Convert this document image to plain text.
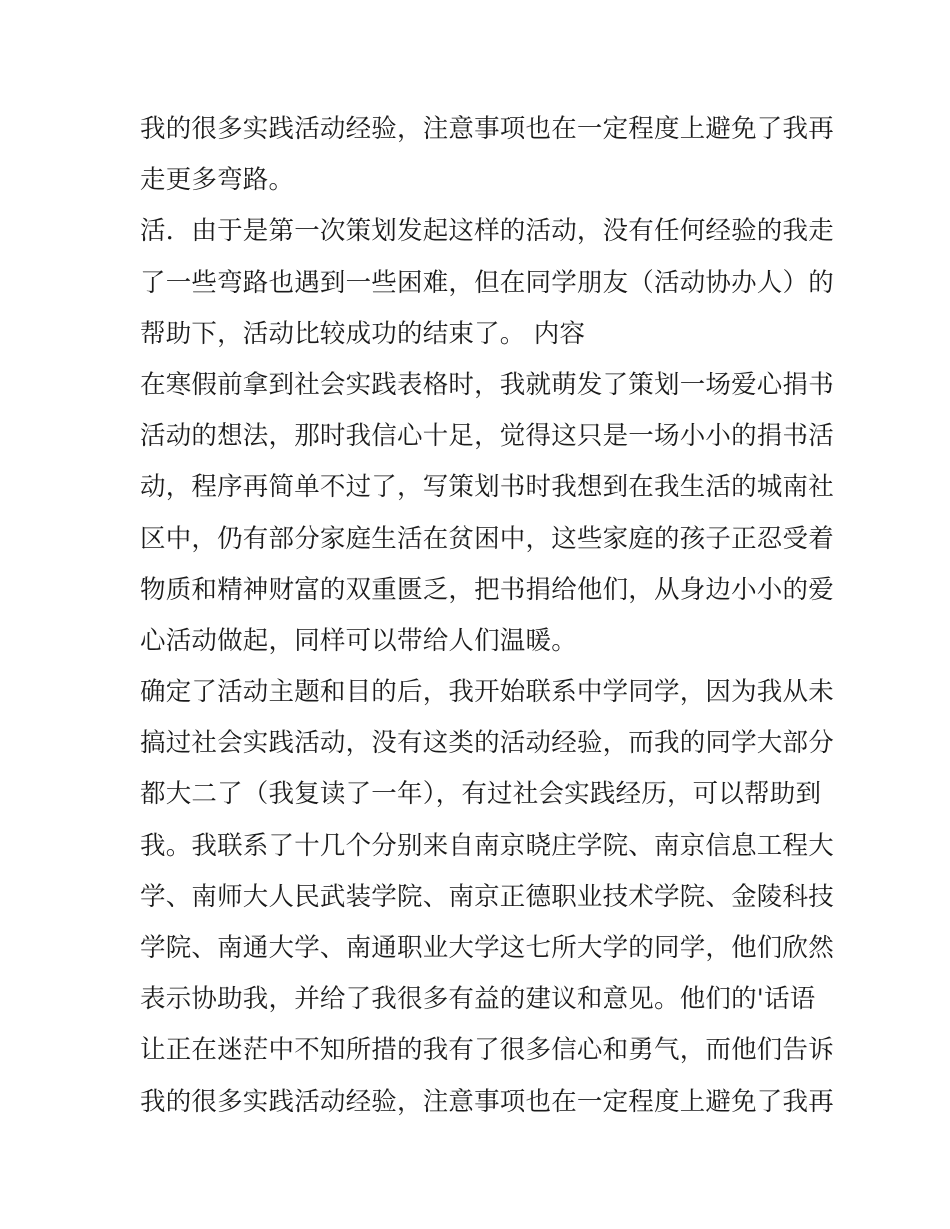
我的很多实践活动经验，注意事项也在一定程度上避免了我再
走更多弯路。
活．由于是第一次策划发起这样的活动，没有任何经验的我走
了一些弯路也遇到一些困难，但在同学朋友（活动协办人）的
帮助下，活动比较成功的结束了。 内容
在寒假前拿到社会实践表格时，我就萌发了策划一场爱心捐书
活动的想法，那时我信心十足，觉得这只是一场小小的捐书活
动，程序再简单不过了，写策划书时我想到在我生活的城南社
区中，仍有部分家庭生活在贫困中，这些家庭的孩子正忍受着
物质和精神财富的双重匮乏，把书捐给他们，从身边小小的爱
心活动做起，同样可以带给人们温暖。
确定了活动主题和目的后，我开始联系中学同学，因为我从未
搞过社会实践活动，没有这类的活动经验，而我的同学大部分
都大二了（我复读了一年），有过社会实践经历，可以帮助到
我。我联系了十几个分别来自南京晓庄学院、南京信息工程大
学、南师大人民武装学院、南京正德职业技术学院、金陵科技
学院、南通大学、南通职业大学这七所大学的同学，他们欣然
表示协助我，并给了我很多有益的建议和意见。他们的'话语
让正在迷茫中不知所措的我有了很多信心和勇气，而他们告诉
我的很多实践活动经验，注意事项也在一定程度上避免了我再
